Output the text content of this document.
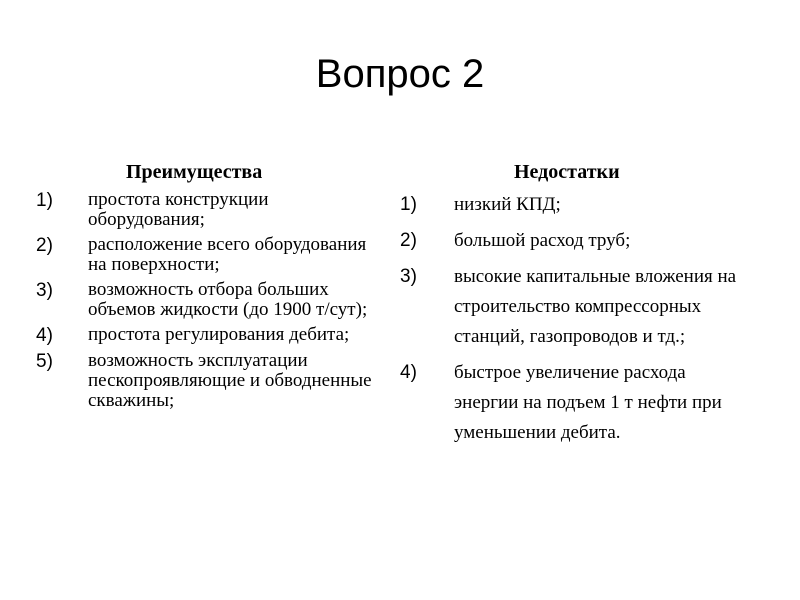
Вопрос 2
Преимущества
1)	простота конструкции оборудования;
2)	расположение всего оборудования на поверхности;
3)	возможность отбора больших объемов жидкости (до 1900 т/сут);
4)	простота регулирования дебита;
5)	возможность эксплуатации пескопроявляющие и обводненные скважины;
Недостатки
1)	низкий КПД;
2)	большой расход труб;
3)	высокие капитальные вложения на строительство компрессорных станций, газопроводов и тд.;
4)	быстрое увеличение расхода энергии на подъем 1 т нефти при уменьшении дебита.
